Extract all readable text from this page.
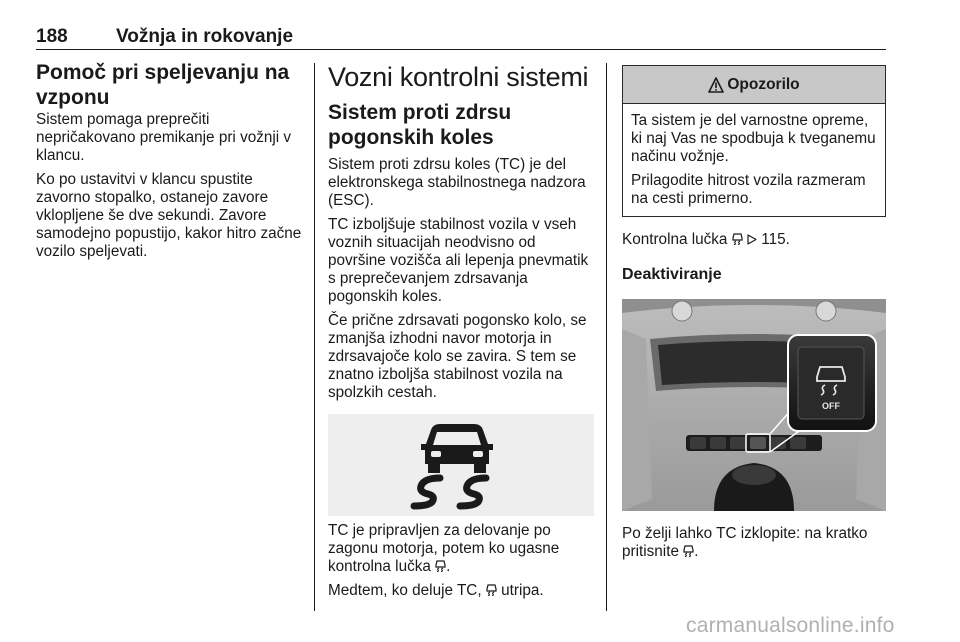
188	Vožnja in rokovanje
Pomoč pri speljevanju na vzponu

Sistem pomaga preprečiti nepričakovano premikanje pri vožnji v klancu.

Ko po ustavitvi v klancu spustite zavorno stopalko, ostanejo zavore vklopljene še dve sekundi. Zavore samodejno popustijo, kakor hitro začne vozilo speljevati.

Vozni kontrolni sistemi
Sistem proti zdrsu pogonskih koles

Sistem proti zdrsu koles (TC) je del elektronskega stabilnostnega nadzora (ESC).

TC izboljšuje stabilnost vozila v vseh voznih situacijah neodvisno od površine vozišča ali lepenja pnevmatik s preprečevanjem zdrsavanja pogonskih koles.

Če prične zdrsavati pogonsko kolo, se zmanjša izhodni navor motorja in zdrsavajoče kolo se zavira. S tem se znatno izboljša stabilnost vozila na spolzkih cestah.

TC je pripravljen za delovanje po zagonu motorja, potem ko ugasne kontrolna lučka .

Medtem, ko deluje TC, utripa.

Opozorilo

Ta sistem je del varnostne opreme, ki naj Vas ne spodbuja k tveganemu načinu vožnje.

Prilagodite hitrost vozila razmeram na cesti primerno.

Kontrolna lučka 115.

Deaktiviranje
OFF

Po želji lahko TC izklopite: na kratko pritisnite .

carmanualsonline.info
